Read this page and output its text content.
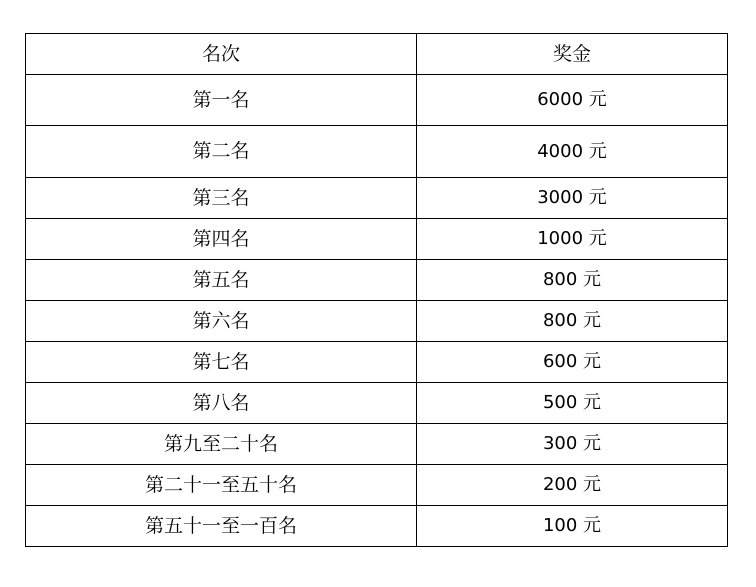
名次	奖金
第一名	6000 元
第二名	4000 元
第三名	3000 元
第四名	1000 元
第五名	800 元
第六名	800 元
第七名	600 元
第八名	500 元
第九至二十名	300 元
第二十一至五十名	200 元
第五十一至一百名	100 元
